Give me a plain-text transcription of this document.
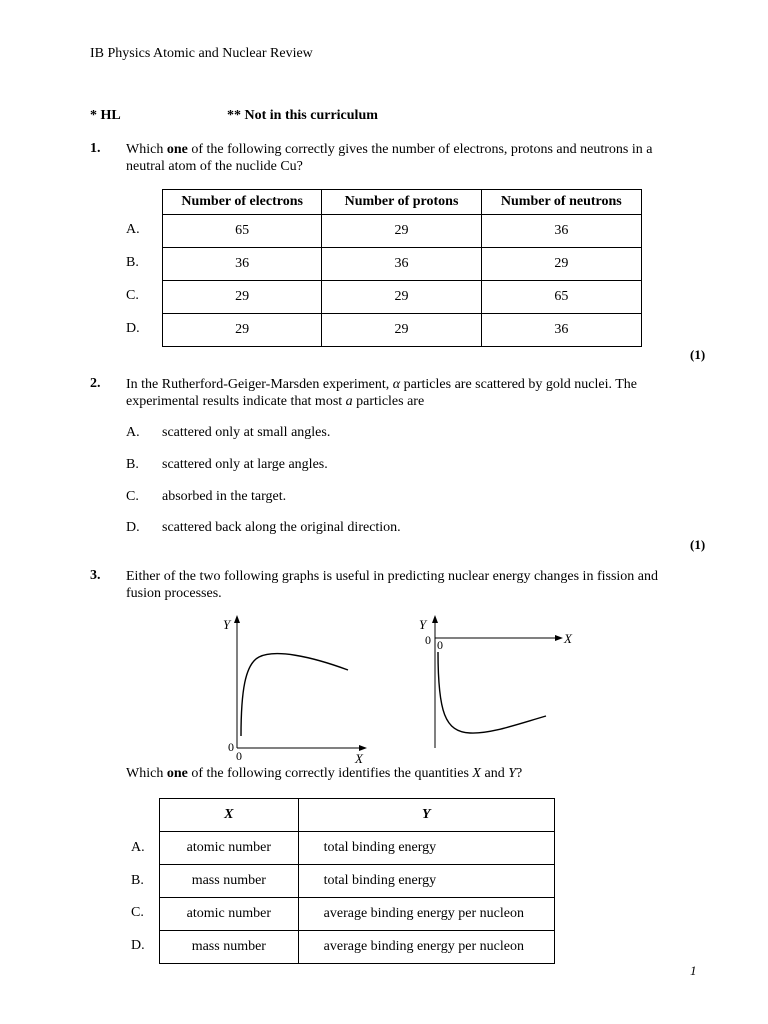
IB Physics Atomic and Nuclear Review
* HL	** Not in this curriculum
1. Which one of the following correctly gives the number of electrons, protons and neutrons in a
neutral atom of the nuclide Cu?
Number of electrons	Number of protons	Number of neutrons
65	29	36
36	36	29
29	29	65
29	29	36
A.
B.
C.
D.
(1)
2. In the Rutherford-Geiger-Marsden experiment, α particles are scattered by gold nuclei. The
experimental results indicate that most a particles are
A. scattered only at small angles.
B. scattered only at large angles.
C. absorbed in the target.
D. scattered back along the original direction.
(1)
3. Either of the two following graphs is useful in predicting nuclear energy changes in fission and
fusion processes.
Y
0
0	X
Y
0 0	X
Which one of the following correctly identifies the quantities X and Y?
X	Y
atomic number	total binding energy
mass number	total binding energy
atomic number	average binding energy per nucleon
mass number	average binding energy per nucleon
A.
B.
C.
D.
1
